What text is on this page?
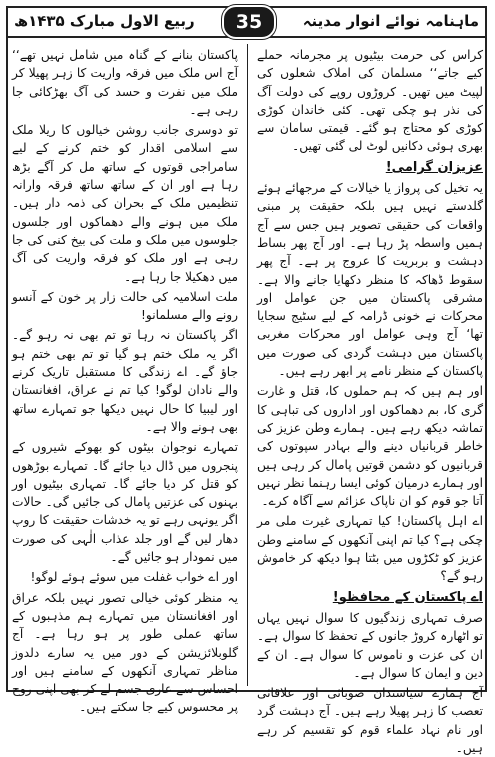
ماہنامہ نوائے انوار مدینہ
ربیع الاول مبارک ۱۴۳۵ھ	35

کراس کی حرمت بیٹیوں پر مجرمانہ حملے کیے جاتے‘‘ مسلمان کی املاک شعلوں کی لپیٹ میں تھیں۔ کروڑوں روپے کی دولت آگ کی نذر ہو چکی تھی۔ کئی خاندان کوڑی کوڑی کو محتاج ہو گئے۔ قیمتی سامان سے بھری ہوئی دکانیں لوٹ لی گئی تھیں۔

عزیزان گرامی!

یہ تخیل کی پرواز یا خیالات کے مرجھائے ہوئے گلدستے نہیں ہیں بلکہ حقیقت پر مبنی واقعات کی حقیقی تصویر ہیں جس سے آج ہمیں واسطہ پڑ رہا ہے۔ اور آج پھر بساط دہشت و بربریت کا عروج پر ہے۔ آج پھر سقوط ڈھاکہ کا منظر دکھایا جانے والا ہے۔ مشرقی پاکستان میں جن عوامل اور محرکات نے خونی ڈرامہ کے لیے سٹیج سجایا تھا‘ آج وہی عوامل اور محرکات مغربی پاکستان میں دہشت گردی کی صورت میں پاکستان کے منظر نامے پر ابھر رہے ہیں۔

اور ہم ہیں کہ ہم حملوں کا، قتل و غارت گری کا، بم دھماکوں اور اداروں کی تباہی کا تماشہ دیکھ رہے ہیں۔ ہمارے وطن عزیز کی خاطر قربانیاں دینے والے بہادر سپوتوں کی قربانیوں کو دشمن قوتیں پامال کر رہی ہیں اور ہمارے درمیان کوئی ایسا رہنما نظر نہیں آتا جو قوم کو ان ناپاک عزائم سے آگاہ کرے۔

اے اہل پاکستان! کیا تمہاری غیرت ملی مر چکی ہے؟ کیا تم اپنی آنکھوں کے سامنے وطن عزیز کو ٹکڑوں میں بٹتا ہوا دیکھ کر خاموش رہو گے؟

اے پاکستان کے محافظو!

صرف تمہاری زندگیوں کا سوال نہیں یہاں تو اٹھارہ کروڑ جانوں کے تحفظ کا سوال ہے۔ ان کی عزت و ناموس کا سوال ہے۔ ان کے دین و ایمان کا سوال ہے۔

آج ہمارے سیاستدان صوبائی اور علاقائی تعصب کا زہر پھیلا رہے ہیں۔ آج دہشت گرد اور نام نہاد علماء قوم کو تقسیم کر رہے ہیں۔

پاکستان بنانے کے گناہ میں شامل نہیں تھے‘‘ آج اس ملک میں فرقہ واریت کا زہر پھیلا کر ملک میں نفرت و حسد کی آگ بھڑکائی جا رہی ہے۔

تو دوسری جانب روشن خیالوں کا ریلا ملک سے اسلامی اقدار کو ختم کرنے کے لیے سامراجی قوتوں کے ساتھ مل کر آگے بڑھ رہا ہے اور ان کے ساتھ ساتھ فرقہ وارانہ تنظیمیں ملک کے بحران کی ذمہ دار ہیں۔ ملک میں ہونے والے دھماکوں اور جلسوں جلوسوں میں ملک و ملت کی بیخ کنی کی جا رہی ہے اور ملک کو فرقہ واریت کی آگ میں دھکیلا جا رہا ہے۔

ملت اسلامیہ کی حالت زار پر خون کے آنسو رونے والے مسلمانو!

اگر پاکستان نہ رہا تو تم بھی نہ رہو گے۔ اگر یہ ملک ختم ہو گیا تو تم بھی ختم ہو جاؤ گے۔ اے زندگی کا مستقبل تاریک کرنے والے نادان لوگو! کیا تم نے عراق، افغانستان اور لیبیا کا حال نہیں دیکھا جو تمہارے ساتھ بھی ہونے والا ہے۔

تمہارے نوجوان بیٹوں کو بھوکے شیروں کے پنجروں میں ڈال دیا جائے گا۔ تمہارے بوڑھوں کو قتل کر دیا جائے گا۔ تمہاری بیٹیوں اور بہنوں کی عزتیں پامال کی جائیں گی۔ حالات اگر یونہی رہے تو یہ خدشات حقیقت کا روپ دھار لیں گے اور جلد عذاب الٰہی کی صورت میں نمودار ہو جائیں گے۔

اور اے خواب غفلت میں سوئے ہوئے لوگو!

یہ منظر کوئی خیالی تصور نہیں بلکہ عراق اور افغانستان میں تمہارے ہم مذہبوں کے ساتھ عملی طور پر ہو رہا ہے۔ آج گلوبلائزیشن کے دور میں یہ سارے دلدوز مناظر تمہاری آنکھوں کے سامنے ہیں اور احساس سے عاری جسم لے کر بھی اپنی روح پر محسوس کیے جا سکتے ہیں۔
